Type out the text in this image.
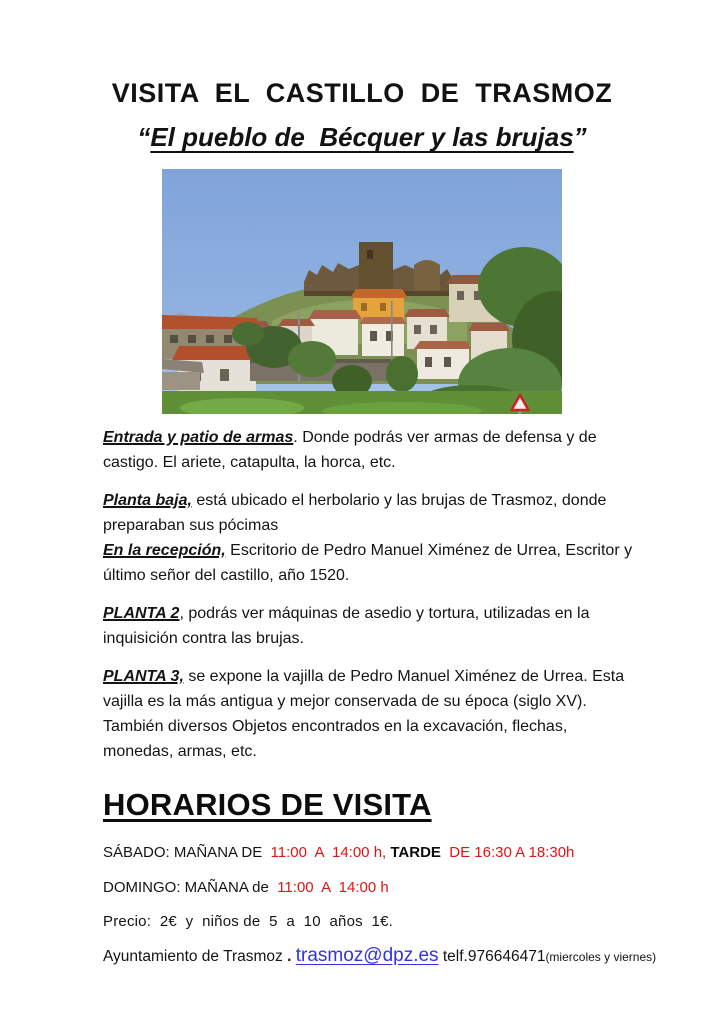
VISITA  EL  CASTILLO  DE  TRASMOZ
“El pueblo de  Bécquer y las brujas”

Entrada y patio de armas. Donde podrás ver armas de defensa y de castigo. El ariete, catapulta, la horca, etc.

Planta baja, está ubicado el herbolario y las brujas de Trasmoz, donde preparaban sus pócimas

En la recepción, Escritorio de Pedro Manuel Ximénez de Urrea, Escritor y  último señor del castillo, año 1520.

PLANTA 2, podrás ver máquinas de asedio y tortura, utilizadas en la inquisición contra las brujas.

PLANTA 3, se expone la vajilla de Pedro Manuel Ximénez de Urrea. Esta vajilla es la más antigua y mejor conservada de su época (siglo XV). También diversos Objetos encontrados en la excavación, flechas, monedas, armas, etc.

HORARIOS DE VISITA

SÁBADO: MAÑANA DE  11:00  A  14:00 h, TARDE  DE 16:30 A 18:30h

DOMINGO: MAÑANA de  11:00  A  14:00 h

Precio:  2€  y  niños de  5  a  10  años  1€.

Ayuntamiento de Trasmoz . trasmoz@dpz.es telf.976646471(miercoles y viernes)
